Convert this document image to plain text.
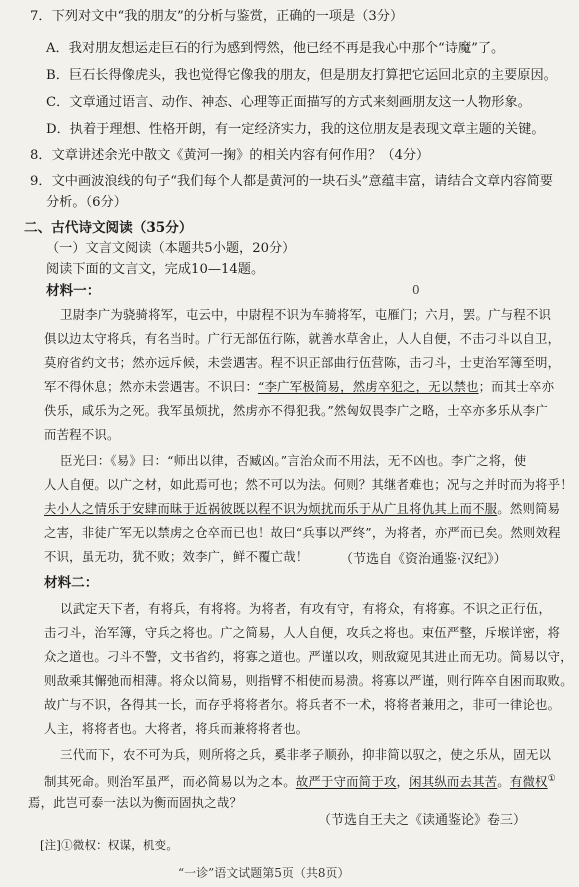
7．下列对文中“我的朋友”的分析与鉴赏，正确的一项是（3分）
A．我对朋友想运走巨石的行为感到愕然，他已经不再是我心中那个“诗魔”了。
B．巨石长得像虎头，我也觉得它像我的朋友，但是朋友打算把它运回北京的主要原因。
C．文章通过语言、动作、神态、心理等正面描写的方式来刻画朋友这一人物形象。
D．执着于理想、性格开朗，有一定经济实力，我的这位朋友是表现文章主题的关键。
8．文章讲述余光中散文《黄河一掬》的相关内容有何作用？（4分）
9．文中画波浪线的句子“我们每个人都是黄河的一块石头”意蕴丰富，请结合文章内容简要
分析。（6分）
二、古代诗文阅读（35分）
（一）文言文阅读（本题共5小题，20分）
阅读下面的文言文，完成10—14题。
材料一：	0
卫尉李广为骁骑将军，屯云中，中尉程不识为车骑将军，屯雁门；六月，罢。广与程不识
俱以边太守将兵，有名当时。广行无部伍行陈，就善水草舍止，人人自便，不击刁斗以自卫，
莫府省约文书；然亦远斥候，未尝遇害。程不识正部曲行伍营陈，击刁斗，士吏治军簿至明，
军不得休息；然亦未尝遇害。不识曰：“李广军极简易，然虏卒犯之，无以禁也；而其士卒亦
佚乐，咸乐为之死。我军虽烦扰，然虏亦不得犯我。”然匈奴畏李广之略，士卒亦多乐从李广
而苦程不识。
臣光曰：《易》曰：“师出以律，否臧凶。”言治众而不用法，无不凶也。李广之将，使
人人自便。以广之材，如此焉可也；然不可以为法。何则？其继者难也；况与之并时而为将乎！
夫小人之情乐于安肆而昧于近祸彼既以程不识为烦扰而乐于从广且将仇其上而不服。然则简易
之害，非徒广军无以禁虏之仓卒而已也！故曰“兵事以严终”，为将者，亦严而已矣。然则效程
不识，虽无功，犹不败；效李广，鲜不覆亡哉！ （节选自《资治通鉴·汉纪》）
材料二：
以武定天下者，有将兵，有将将。为将者，有攻有守，有将众，有将寡。不识之正行伍，
击刁斗，治军簿，守兵之将也。广之简易，人人自便，攻兵之将也。束伍严整，斥堠详密，将
众之道也。刁斗不警，文书省约，将寡之道也。严谨以攻，则敌窥见其进止而无功。简易以守，
则敌乘其懈弛而相薄。将众以简易，则指臂不相使而易溃。将寡以严谨，则行阵卒自困而取败。
故广与不识，各得其一长，而存乎将将者尔。将兵者不一术，将将者兼用之，非可一律论也。
人主，将将者也。大将者，将兵而兼将将者也。
三代而下，农不可为兵，则所将之兵，奚非孝子顺孙，抑非简以驭之，使之乐从，固无以
制其死命。则治军虽严，而必简易以为之本。故严于守而简于攻，闲其纵而去其苦。有微权①
焉，此岂可泰一法以为衡而固执之哉？
（节选自王夫之《读通鉴论》卷三）
[注]①微权：权谋，机变。
“一诊”语文试题第5页（共8页）
